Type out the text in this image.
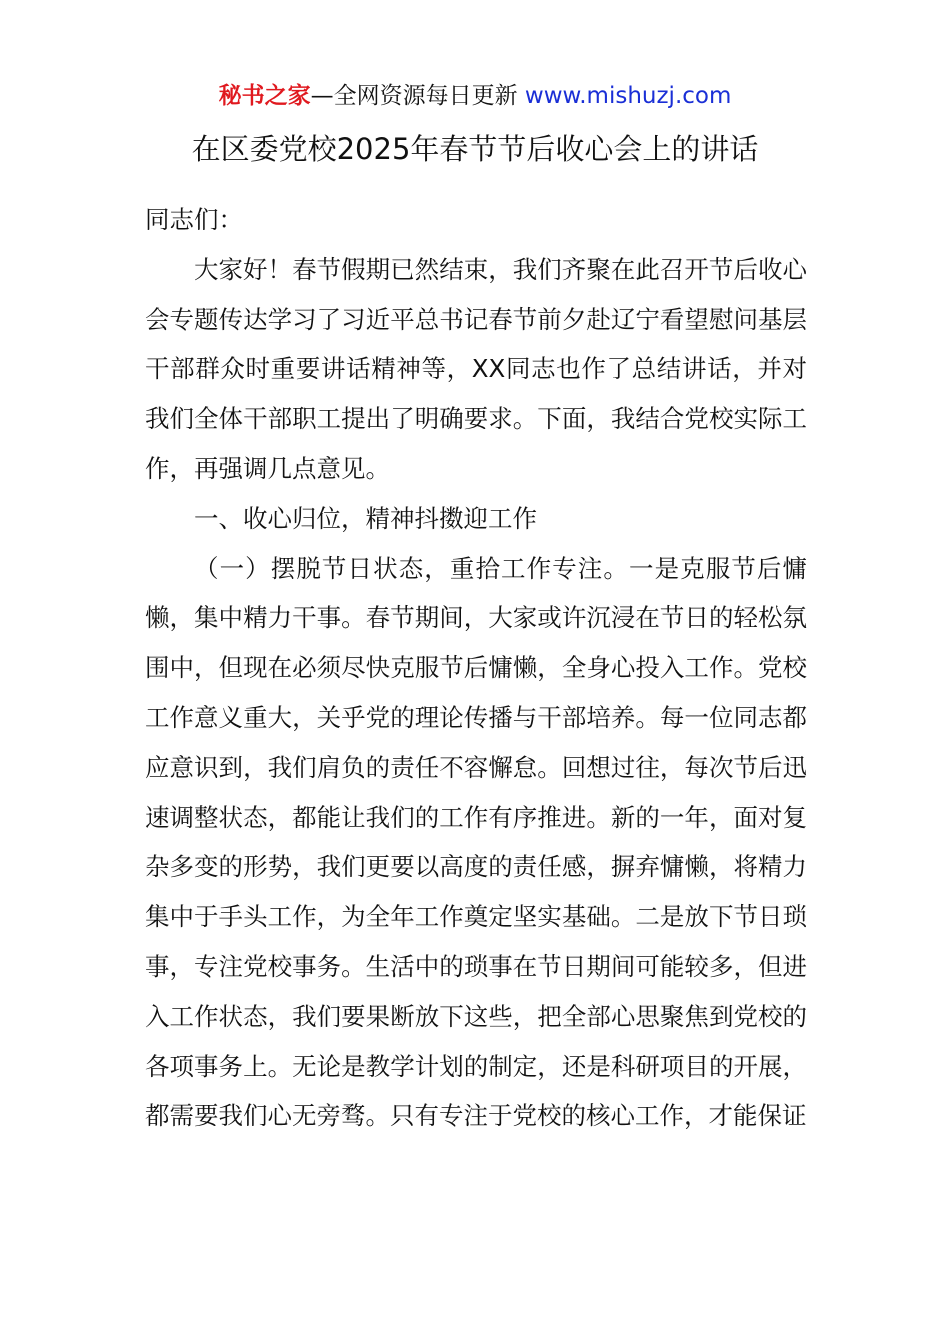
秘书之家—全网资源每日更新 www.mishuzj.com
在区委党校2025年春节节后收心会上的讲话

同志们：

大家好！春节假期已然结束，我们齐聚在此召开节后收心会专题传达学习了习近平总书记春节前夕赴辽宁看望慰问基层干部群众时重要讲话精神等，XX同志也作了总结讲话，并对我们全体干部职工提出了明确要求。下面，我结合党校实际工作，再强调几点意见。

一、收心归位，精神抖擞迎工作

（一）摆脱节日状态，重拾工作专注。一是克服节后慵懒，集中精力干事。春节期间，大家或许沉浸在节日的轻松氛围中，但现在必须尽快克服节后慵懒，全身心投入工作。党校工作意义重大，关乎党的理论传播与干部培养。每一位同志都应意识到，我们肩负的责任不容懈怠。回想过往，每次节后迅速调整状态，都能让我们的工作有序推进。新的一年，面对复杂多变的形势，我们更要以高度的责任感，摒弃慵懒，将精力集中于手头工作，为全年工作奠定坚实基础。二是放下节日琐事，专注党校事务。生活中的琐事在节日期间可能较多，但进入工作状态，我们要果断放下这些，把全部心思聚焦到党校的各项事务上。无论是教学计划的制定，还是科研项目的开展，都需要我们心无旁骛。只有专注于党校的核心工作，才能保证
